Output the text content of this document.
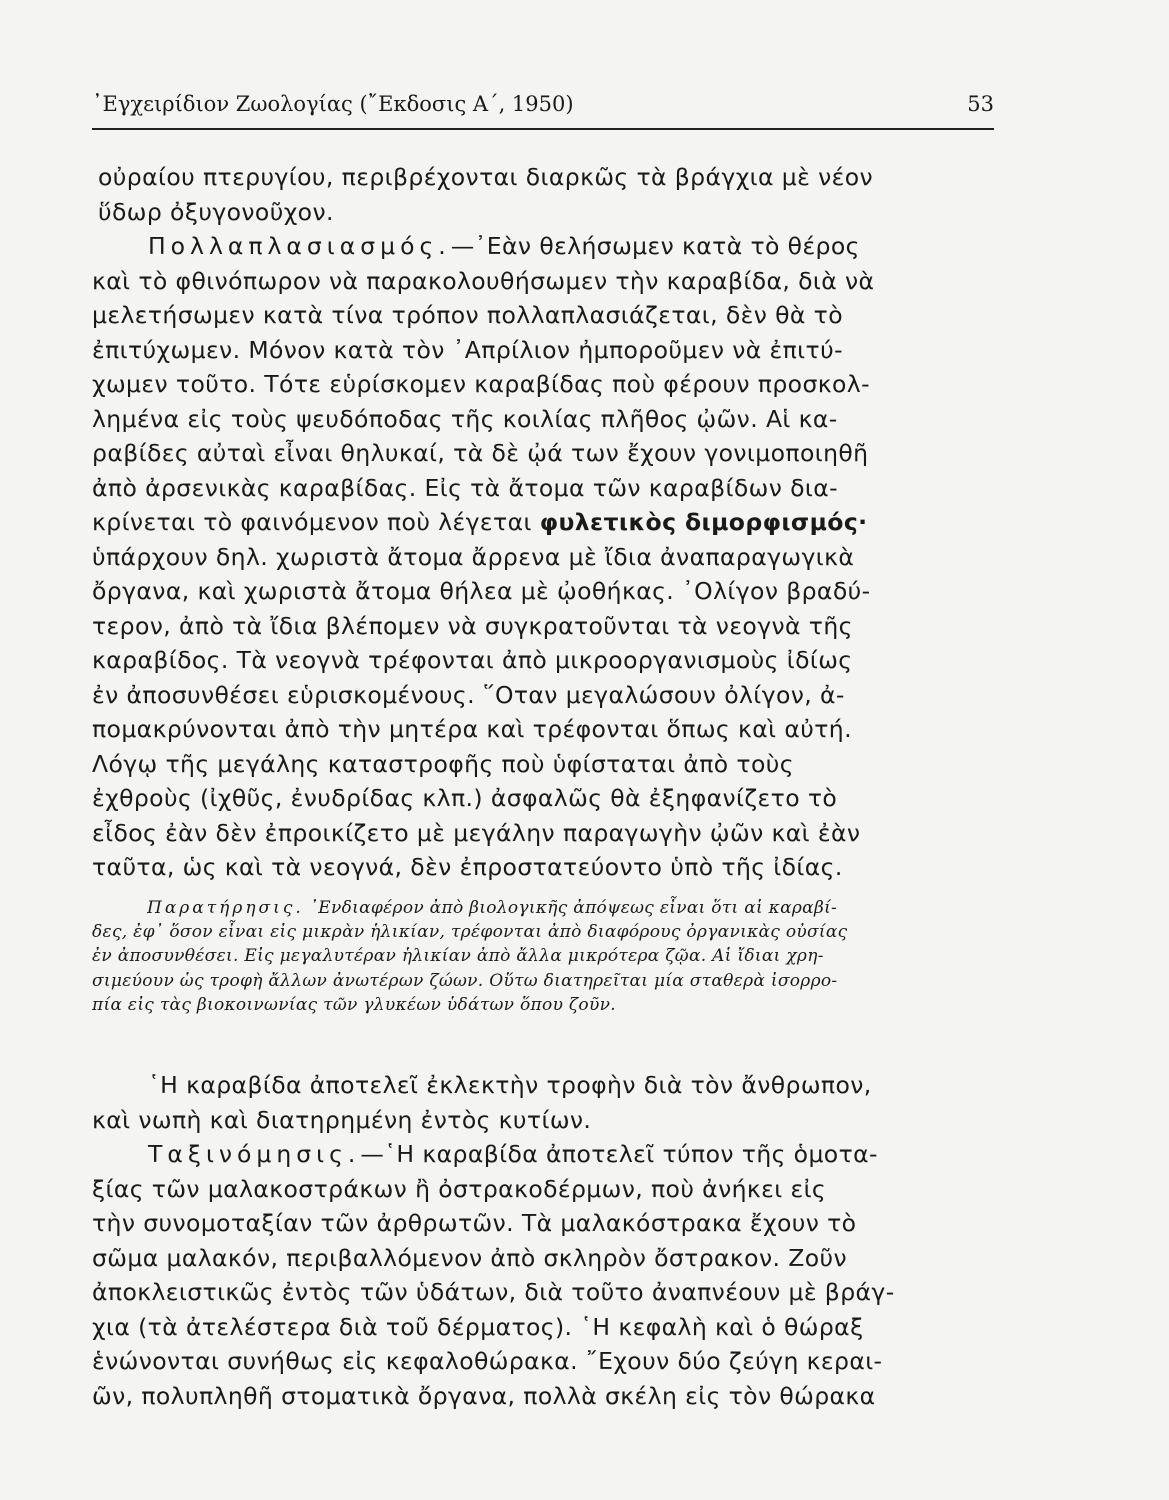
᾿Εγχειρίδιον Ζωολογίας (῎Εκδοσις Α΄, 1950)	53
οὐραίου πτερυγίου, περιβρέχονται διαρκῶς τὰ βράγχια μὲ νέον
ὕδωρ ὀξυγονοῦχον.
Πολλαπλασιασμός.—᾿Εὰν θελήσωμεν κατὰ τὸ θέρος
καὶ τὸ φθινόπωρον νὰ παρακολουθήσωμεν τὴν καραβίδα, διὰ νὰ
μελετήσωμεν κατὰ τίνα τρόπον πολλαπλασιάζεται, δὲν θὰ τὸ
ἐπιτύχωμεν. Μόνον κατὰ τὸν ᾿Απρίλιον ἠμποροῦμεν νὰ ἐπιτύ-
χωμεν τοῦτο. Τότε εὑρίσκομεν καραβίδας ποὺ φέρουν προσκολ-
λημένα εἰς τοὺς ψευδόποδας τῆς κοιλίας πλῆθος ᾠῶν. Αἱ κα-
ραβίδες αὐταὶ εἶναι θηλυκαί, τὰ δὲ ᾠά των ἔχουν γονιμοποιηθῆ
ἀπὸ ἀρσενικὰς καραβίδας. Εἰς τὰ ἄτομα τῶν καραβίδων δια-
κρίνεται τὸ φαινόμενον ποὺ λέγεται φυλετικὸς διμορφισμός·
ὑπάρχουν δηλ. χωριστὰ ἄτομα ἄρρενα μὲ ἴδια ἀναπαραγωγικὰ
ὄργανα, καὶ χωριστὰ ἄτομα θήλεα μὲ ᾠοθήκας. ᾿Ολίγον βραδύ-
τερον, ἀπὸ τὰ ἴδια βλέπομεν νὰ συγκρατοῦνται τὰ νεογνὰ τῆς
καραβίδος. Τὰ νεογνὰ τρέφονται ἀπὸ μικροοργανισμοὺς ἰδίως
ἐν ἀποσυνθέσει εὑρισκομένους. ῞Οταν μεγαλώσουν ὀλίγον, ἀ-
πομακρύνονται ἀπὸ τὴν μητέρα καὶ τρέφονται ὅπως καὶ αὐτή.
Λόγῳ τῆς μεγάλης καταστροφῆς ποὺ ὑφίσταται ἀπὸ τοὺς
ἐχθροὺς (ἰχθῦς, ἐνυδρίδας κλπ.) ἀσφαλῶς θὰ ἐξηφανίζετο τὸ
εἶδος ἐὰν δὲν ἐπροικίζετο μὲ μεγάλην παραγωγὴν ᾠῶν καὶ ἐὰν
ταῦτα, ὡς καὶ τὰ νεογνά, δὲν ἐπροστατεύοντο ὑπὸ τῆς ἰδίας.
Παρατήρησις. ᾿Ενδιαφέρον ἀπὸ βιολογικῆς ἀπόψεως εἶναι ὅτι αἱ καραβί-
δες, ἐφ᾿ ὅσον εἶναι εἰς μικρὰν ἡλικίαν, τρέφονται ἀπὸ διαφόρους ὀργανικὰς οὐσίας
ἐν ἀποσυνθέσει. Εἰς μεγαλυτέραν ἡλικίαν ἀπὸ ἄλλα μικρότερα ζῷα. Αἱ ἴδιαι χρη-
σιμεύουν ὡς τροφὴ ἄλλων ἀνωτέρων ζώων. Οὕτω διατηρεῖται μία σταθερὰ ἰσορρο-
πία εἰς τὰς βιοκοινωνίας τῶν γλυκέων ὑδάτων ὅπου ζοῦν.
῾Η καραβίδα ἀποτελεῖ ἐκλεκτὴν τροφὴν διὰ τὸν ἄνθρωπον,
καὶ νωπὴ καὶ διατηρημένη ἐντὸς κυτίων.
Ταξινόμησις.—῾Η καραβίδα ἀποτελεῖ τύπον τῆς ὁμοτα-
ξίας τῶν μαλακοστράκων ἢ ὀστρακοδέρμων, ποὺ ἀνήκει εἰς
τὴν συνομοταξίαν τῶν ἀρθρωτῶν. Τὰ μαλακόστρακα ἔχουν τὸ
σῶμα μαλακόν, περιβαλλόμενον ἀπὸ σκληρὸν ὄστρακον. Ζοῦν
ἀποκλειστικῶς ἐντὸς τῶν ὑδάτων, διὰ τοῦτο ἀναπνέουν μὲ βράγ-
χια (τὰ ἀτελέστερα διὰ τοῦ δέρματος). ῾Η κεφαλὴ καὶ ὁ θώραξ
ἑνώνονται συνήθως εἰς κεφαλοθώρακα. ῎Εχουν δύο ζεύγη κεραι-
ῶν, πολυπληθῆ στοματικὰ ὄργανα, πολλὰ σκέλη εἰς τὸν θώρακα
